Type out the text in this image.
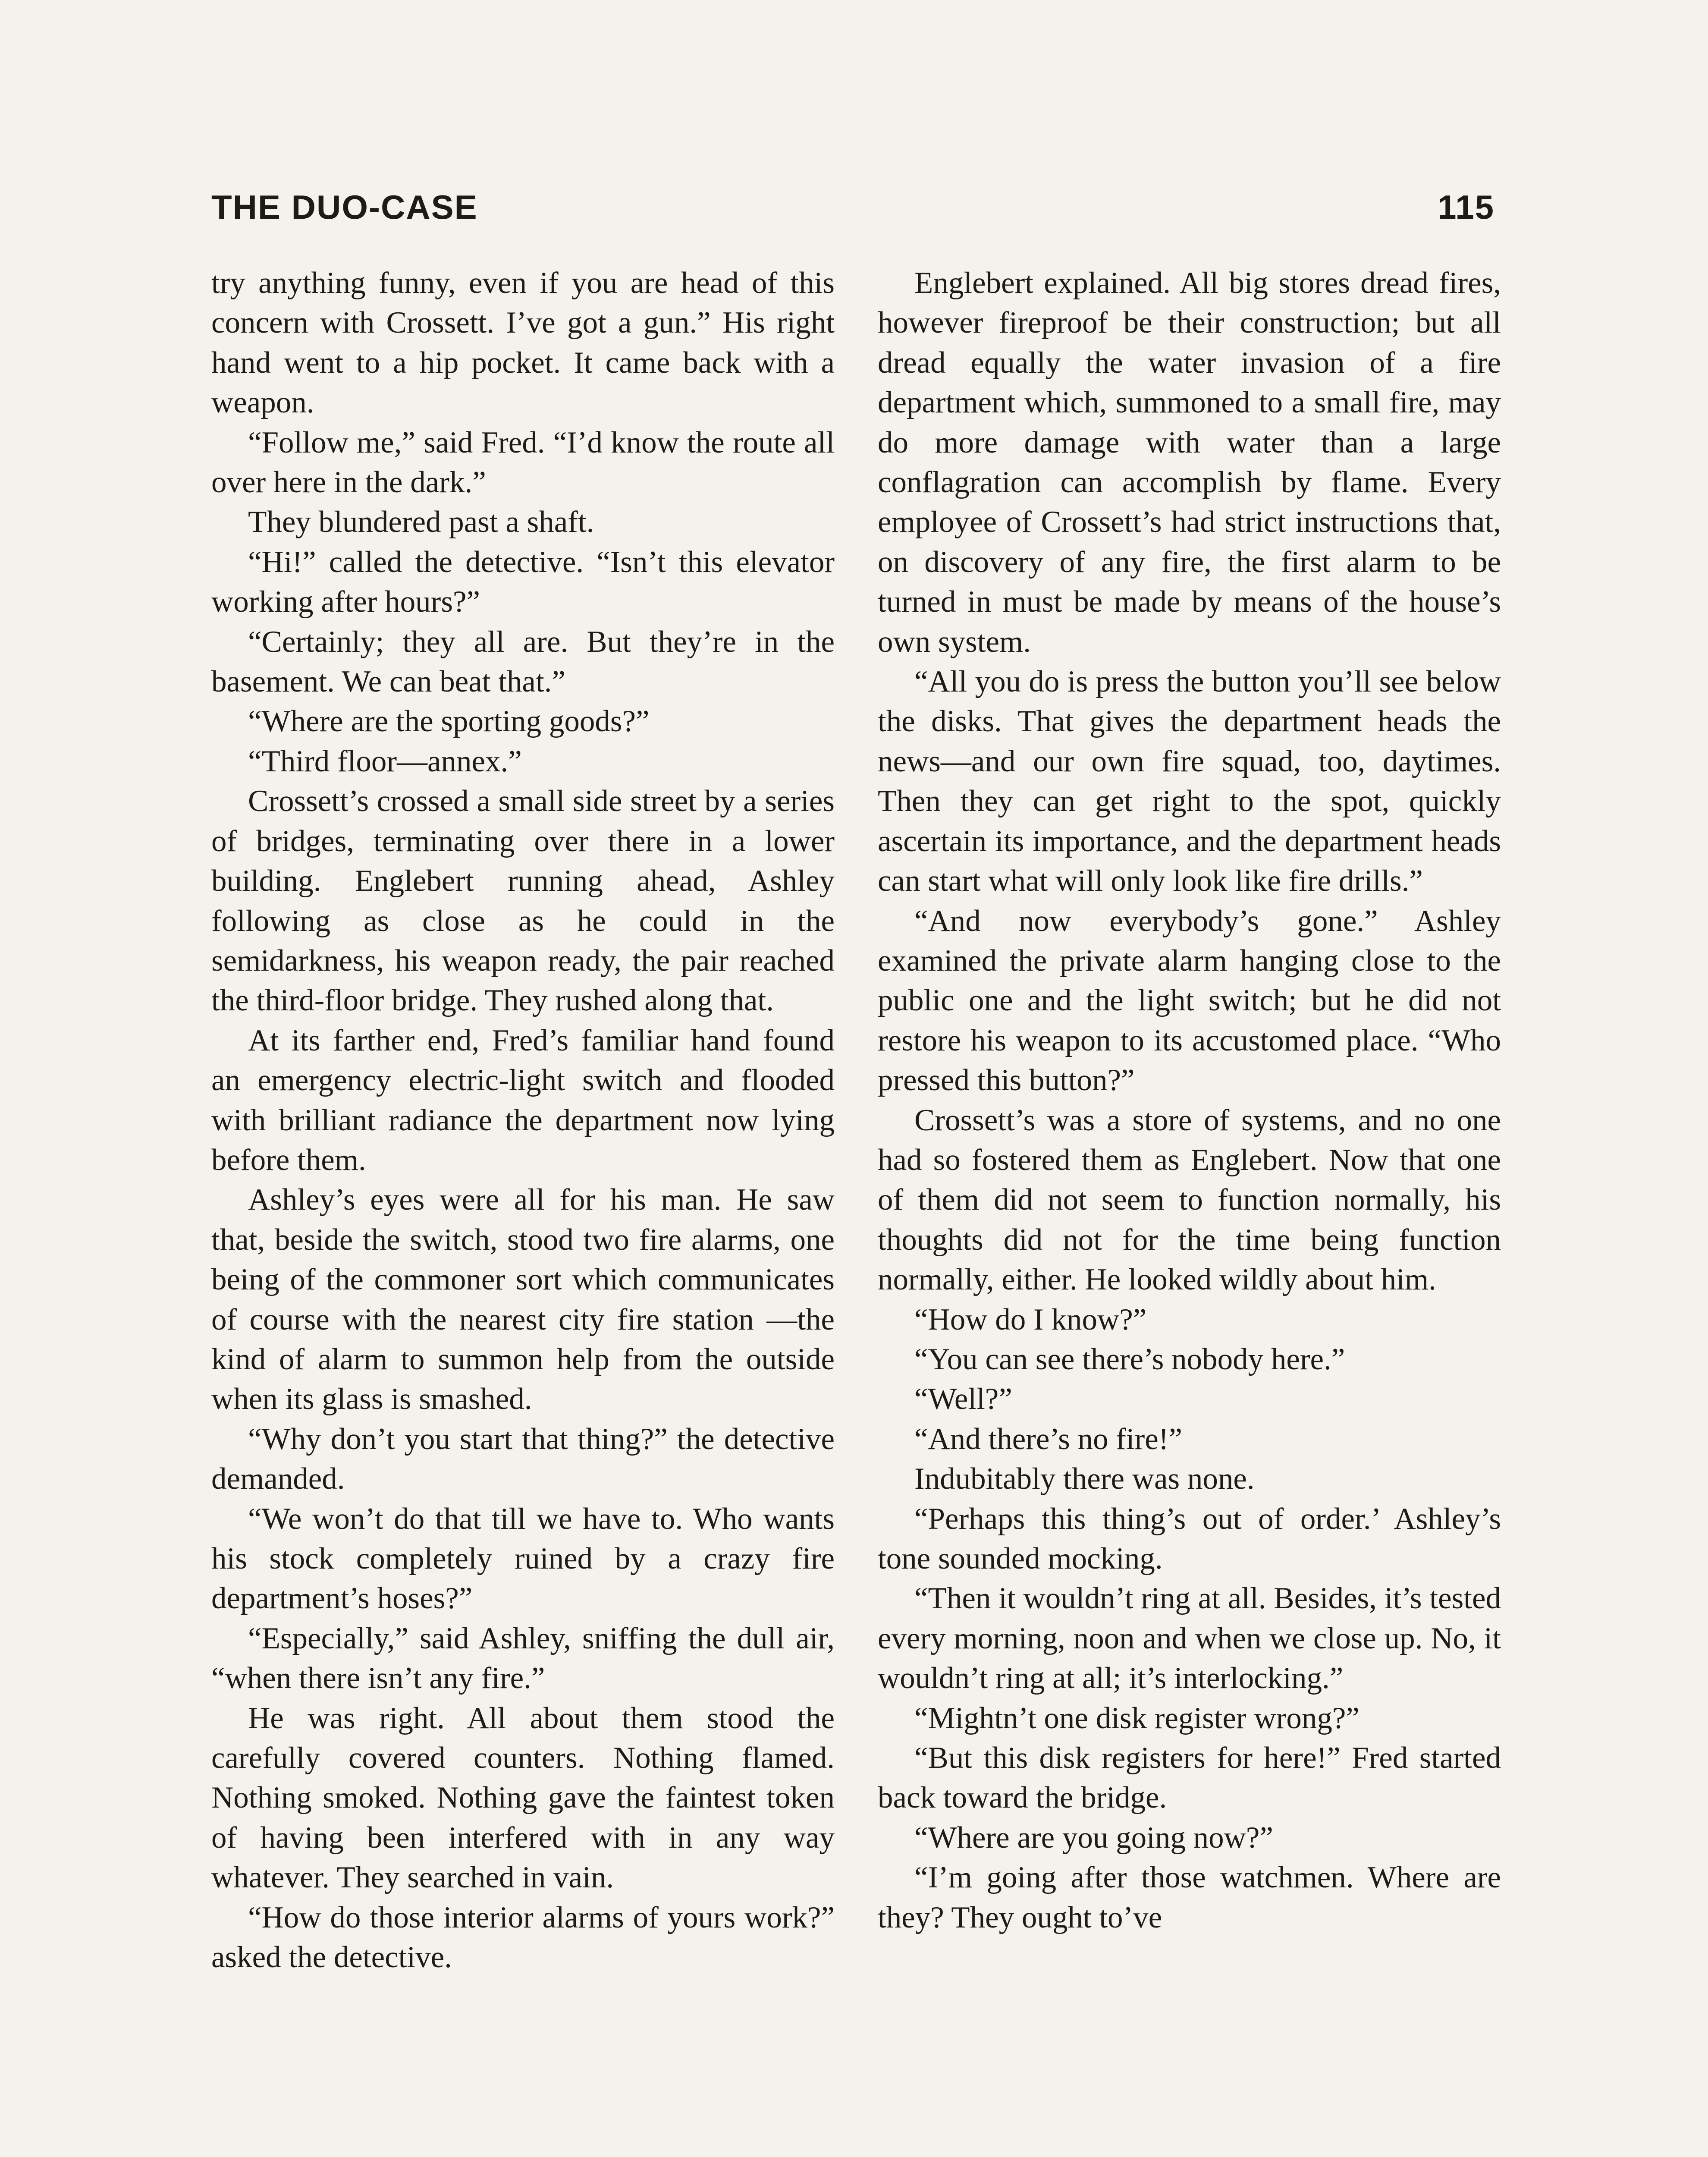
THE DUO-CASE	115

try anything funny, even if you are head of this concern with Crossett. I’ve got a gun.” His right hand went to a hip pocket. It came back with a weapon.

“Follow me,” said Fred. “I’d know the route all over here in the dark.”

They blundered past a shaft.

“Hi!” called the detective. “Isn’t this elevator working after hours?”

“Certainly; they all are. But they’re in the basement. We can beat that.”

“Where are the sporting goods?”

“Third floor—annex.”

Crossett’s crossed a small side street by a series of bridges, terminating over there in a lower building. Englebert running ahead, Ashley following as close as he could in the semidarkness, his weapon ready, the pair reached the third-floor bridge. They rushed along that.

At its farther end, Fred’s familiar hand found an emergency electric-light switch and flooded with brilliant radiance the department now lying before them.

Ashley’s eyes were all for his man. He saw that, beside the switch, stood two fire alarms, one being of the commoner sort which communicates of course with the nearest city fire station —the kind of alarm to summon help from the outside when its glass is smashed.

“Why don’t you start that thing?” the detective demanded.

“We won’t do that till we have to. Who wants his stock completely ruined by a crazy fire department’s hoses?”

“Especially,” said Ashley, sniffing the dull air, “when there isn’t any fire.”

He was right. All about them stood the carefully covered counters. Nothing flamed. Nothing smoked. Nothing gave the faintest token of having been interfered with in any way whatever. They searched in vain.

“How do those interior alarms of yours work?” asked the detective.

Englebert explained. All big stores dread fires, however fireproof be their construction; but all dread equally the water invasion of a fire department which, summoned to a small fire, may do more damage with water than a large conflagration can accomplish by flame. Every employee of Crossett’s had strict instructions that, on discovery of any fire, the first alarm to be turned in must be made by means of the house’s own system.

“All you do is press the button you’ll see below the disks. That gives the department heads the news—and our own fire squad, too, daytimes. Then they can get right to the spot, quickly ascertain its importance, and the department heads can start what will only look like fire drills.”

“And now everybody’s gone.” Ashley examined the private alarm hanging close to the public one and the light switch; but he did not restore his weapon to its accustomed place. “Who pressed this button?”

Crossett’s was a store of systems, and no one had so fostered them as Englebert. Now that one of them did not seem to function normally, his thoughts did not for the time being function normally, either. He looked wildly about him.

“How do I know?”

“You can see there’s nobody here.”

“Well?”

“And there’s no fire!”

Indubitably there was none.

“Perhaps this thing’s out of order.’ Ashley’s tone sounded mocking.

“Then it wouldn’t ring at all. Besides, it’s tested every morning, noon and when we close up. No, it wouldn’t ring at all; it’s interlocking.”

“Mightn’t one disk register wrong?”

“But this disk registers for here!” Fred started back toward the bridge.

“Where are you going now?”

“I’m going after those watchmen. Where are they? They ought to’ve
